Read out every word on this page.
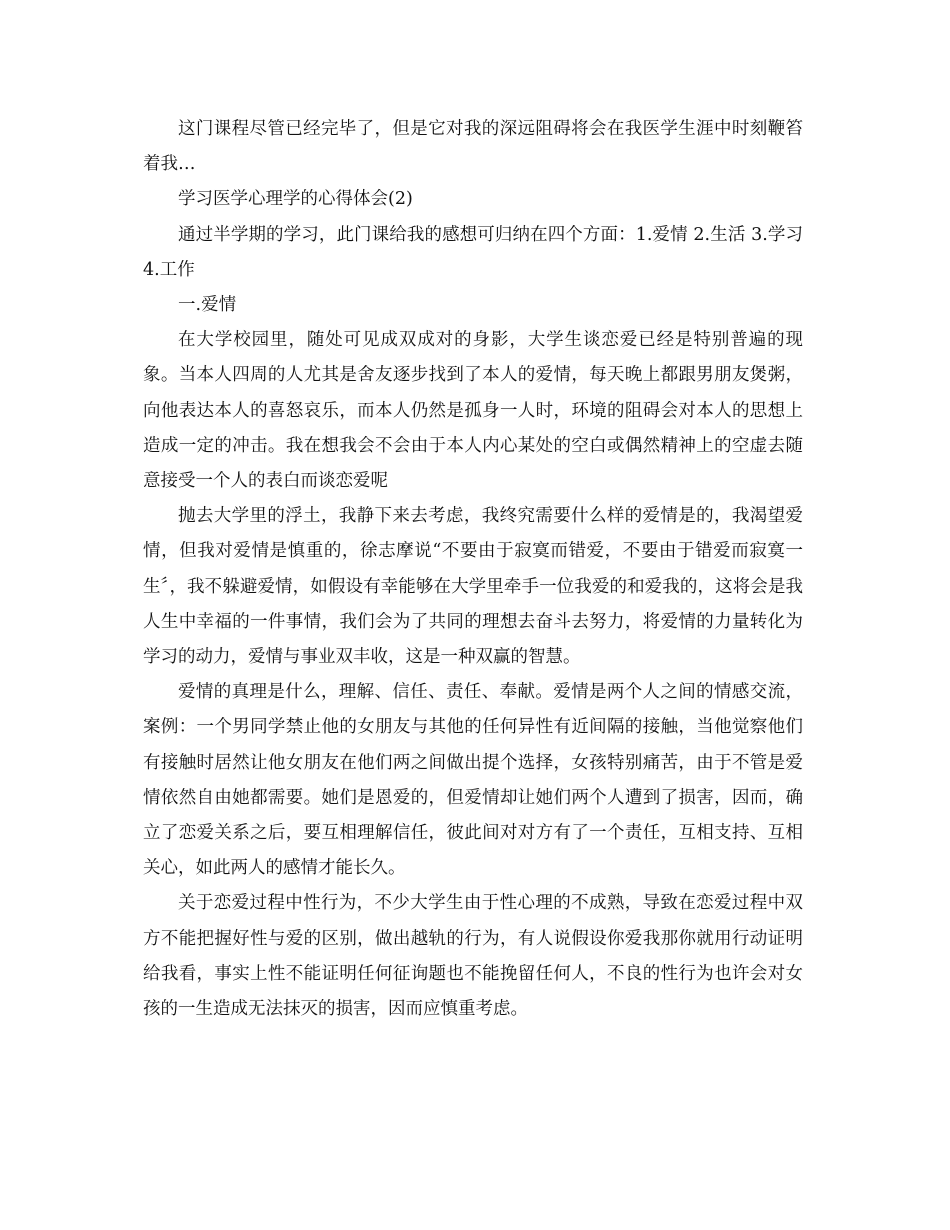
这门课程尽管已经完毕了，但是它对我的深远阻碍将会在我医学生涯中时刻鞭笞着我…

学习医学心理学的心得体会(2)

通过半学期的学习，此门课给我的感想可归纳在四个方面：1.爱情 2.生活 3.学习 4.工作

一.爱情

在大学校园里，随处可见成双成对的身影，大学生谈恋爱已经是特别普遍的现象。当本人四周的人尤其是舍友逐步找到了本人的爱情，每天晚上都跟男朋友煲粥，向他表达本人的喜怒哀乐，而本人仍然是孤身一人时，环境的阻碍会对本人的思想上造成一定的冲击。我在想我会不会由于本人内心某处的空白或偶然精神上的空虚去随意接受一个人的表白而谈恋爱呢

抛去大学里的浮土，我静下来去考虑，我终究需要什么样的爱情是的，我渴望爱情，但我对爱情是慎重的，徐志摩说“不要由于寂寞而错爱，不要由于错爱而寂寞一生〞，我不躲避爱情，如假设有幸能够在大学里牵手一位我爱的和爱我的，这将会是我人生中幸福的一件事情，我们会为了共同的理想去奋斗去努力，将爱情的力量转化为学习的动力，爱情与事业双丰收，这是一种双赢的智慧。

爱情的真理是什么，理解、信任、责任、奉献。爱情是两个人之间的情感交流，案例：一个男同学禁止他的女朋友与其他的任何异性有近间隔的接触，当他觉察他们有接触时居然让他女朋友在他们两之间做出提个选择，女孩特别痛苦，由于不管是爱情依然自由她都需要。她们是恩爱的，但爱情却让她们两个人遭到了损害，因而，确立了恋爱关系之后，要互相理解信任，彼此间对对方有了一个责任，互相支持、互相关心，如此两人的感情才能长久。

关于恋爱过程中性行为，不少大学生由于性心理的不成熟，导致在恋爱过程中双方不能把握好性与爱的区别，做出越轨的行为，有人说假设你爱我那你就用行动证明给我看，事实上性不能证明任何征询题也不能挽留任何人，不良的性行为也许会对女孩的一生造成无法抹灭的损害，因而应慎重考虑。
